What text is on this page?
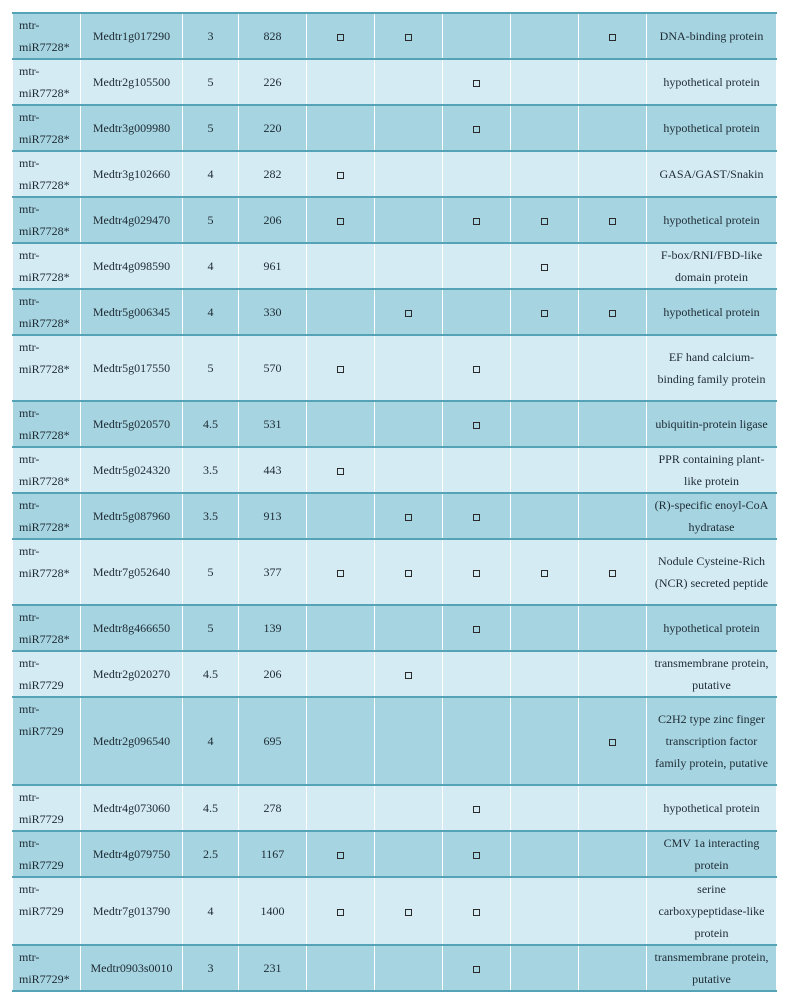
mtr-miR7728*	Medtr1g017290	3	828						DNA-binding protein
mtr-miR7728*	Medtr2g105500	5	226						hypothetical protein
mtr-miR7728*	Medtr3g009980	5	220						hypothetical protein
mtr-miR7728*	Medtr3g102660	4	282						GASA/GAST/Snakin
mtr-miR7728*	Medtr4g029470	5	206						hypothetical protein
mtr-miR7728*	Medtr4g098590	4	961						F-box/RNI/FBD-like domain protein
mtr-miR7728*	Medtr5g006345	4	330						hypothetical protein
mtr-miR7728*	Medtr5g017550	5	570						EF hand calcium-binding family protein
mtr-miR7728*	Medtr5g020570	4.5	531						ubiquitin-protein ligase
mtr-miR7728*	Medtr5g024320	3.5	443						PPR containing plant-like protein
mtr-miR7728*	Medtr5g087960	3.5	913						(R)-specific enoyl-CoA hydratase
mtr-miR7728*	Medtr7g052640	5	377						Nodule Cysteine-Rich (NCR) secreted peptide
mtr-miR7728*	Medtr8g466650	5	139						hypothetical protein
mtr-miR7729	Medtr2g020270	4.5	206						transmembrane protein, putative
mtr-miR7729	Medtr2g096540	4	695						C2H2 type zinc finger transcription factor family protein, putative
mtr-miR7729	Medtr4g073060	4.5	278						hypothetical protein
mtr-miR7729	Medtr4g079750	2.5	1167						CMV 1a interacting protein
mtr-miR7729	Medtr7g013790	4	1400						serine carboxypeptidase-like protein
mtr-miR7729*	Medtr0903s0010	3	231						transmembrane protein, putative
